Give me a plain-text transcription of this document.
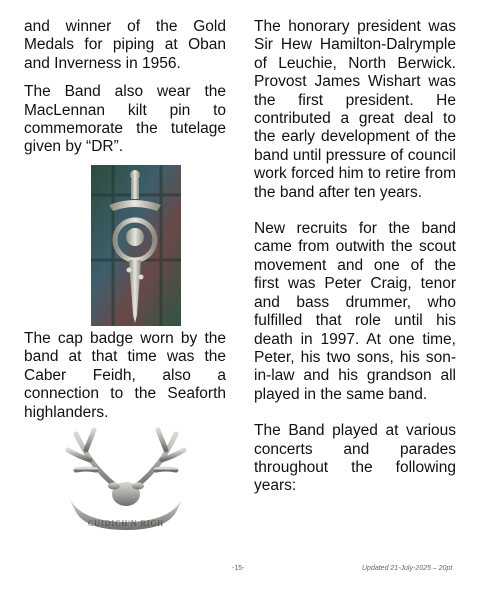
and winner of the Gold Medals for piping at Oban and Inverness in 1956.

The Band also wear the MacLennan kilt pin to commemorate the tutelage given by “DR”.

The cap badge worn by the band at that time was the Caber Feidh, also a connection to the Seaforth highlanders.

CUIDICH'N RIGH

The honorary president was Sir Hew Hamilton-Dalrymple of Leuchie, North Berwick. Provost James Wishart was the first president. He contributed a great deal to the early development of the band until pressure of council work forced him to retire from the band after ten years.

New recruits for the band came from outwith the scout movement and one of the first was Peter Craig, tenor and bass drummer, who fulfilled that role until his death in 1997. At one time, Peter, his two sons, his son-in-law and his grandson all played in the same band.

The Band played at various concerts and parades throughout the following years:

-15-	Updated 21-July-2025 – 20pt
